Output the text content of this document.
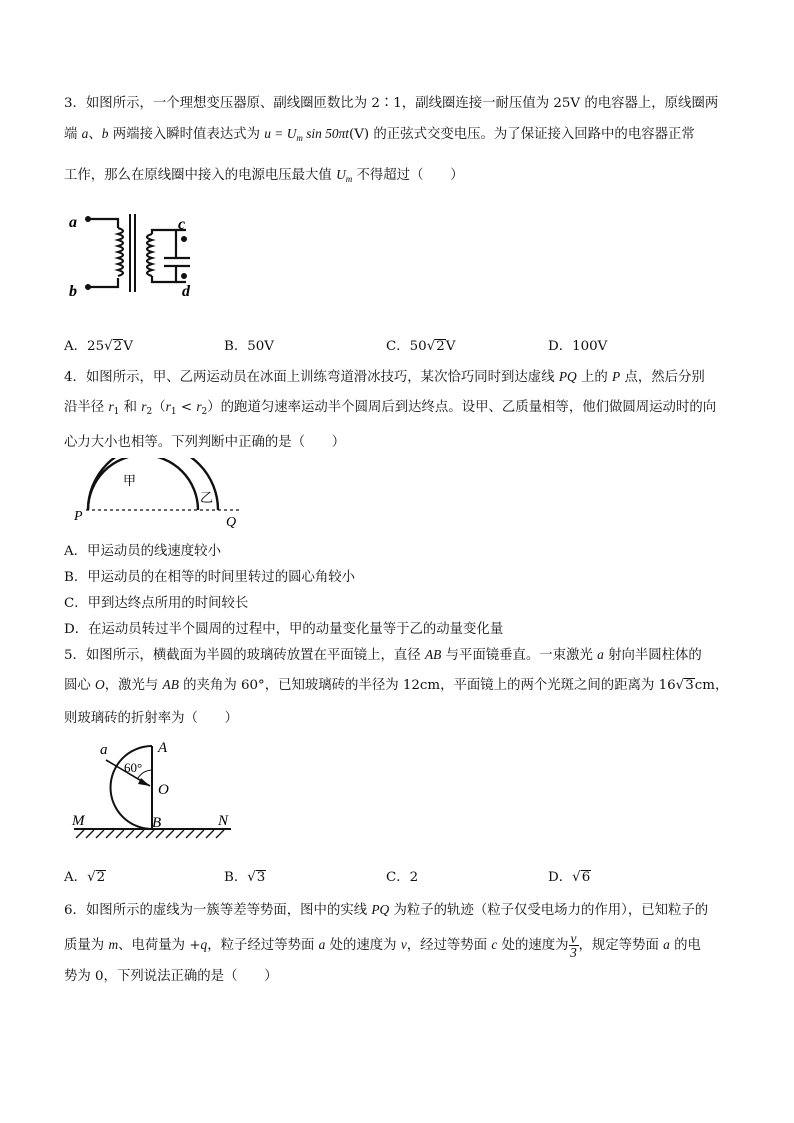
3．如图所示，一个理想变压器原、副线圈匝数比为 2∶1，副线圈连接一耐压值为 25V 的电容器上，原线圈两
端 a、b 两端接入瞬时值表达式为 $u = U_m$ sin 50πt(V) 的正弦式交变电压。为了保证接入回路中的电容器正常
工作，那么在原线圈中接入的电源电压最大值 $U_m$ 不得超过（　　）
a
b
c
d
A．25√2V	B．50V	C．50√2V	D．100V
4．如图所示，甲、乙两运动员在冰面上训练弯道滑冰技巧，某次恰巧同时到达虚线 PQ 上的 P 点，然后分别
沿半径 $r_1$ 和 $r_2(r_1 < r_2)$的跑道匀速率运动半个圆周后到达终点。设甲、乙质量相等，他们做圆周运动时的向
心力大小也相等。下列判断中正确的是（　　）
甲
乙
P	Q
A．甲运动员的线速度较小
B．甲运动员的在相等的时间里转过的圆心角较小
C．甲到达终点所用的时间较长
D．在运动员转过半个圆周的过程中，甲的动量变化量等于乙的动量变化量
5．如图所示，横截面为半圆的玻璃砖放置在平面镜上，直径 AB 与平面镜垂直。一束激光 a 射向半圆柱体的
圆心 O，激光与 AB 的夹角为 60°，已知玻璃砖的半径为 12cm，平面镜上的两个光斑之间的距离为 16√3cm，
则玻璃砖的折射率为（　　）
a	A
60°
O
M	B	N
A．√2	B．√3	C．2	D．√6
6．如图所示的虚线为一簇等差等势面，图中的实线 PQ 为粒子的轨迹（粒子仅受电场力的作用），已知粒子的
质量为 m、电荷量为 +q，粒子经过等势面 a 处的速度为 v，经过等势面 c 处的速度为 $\frac{v}{3}$ ，规定等势面 a 的电
势为 0，下列说法正确的是（　　）
